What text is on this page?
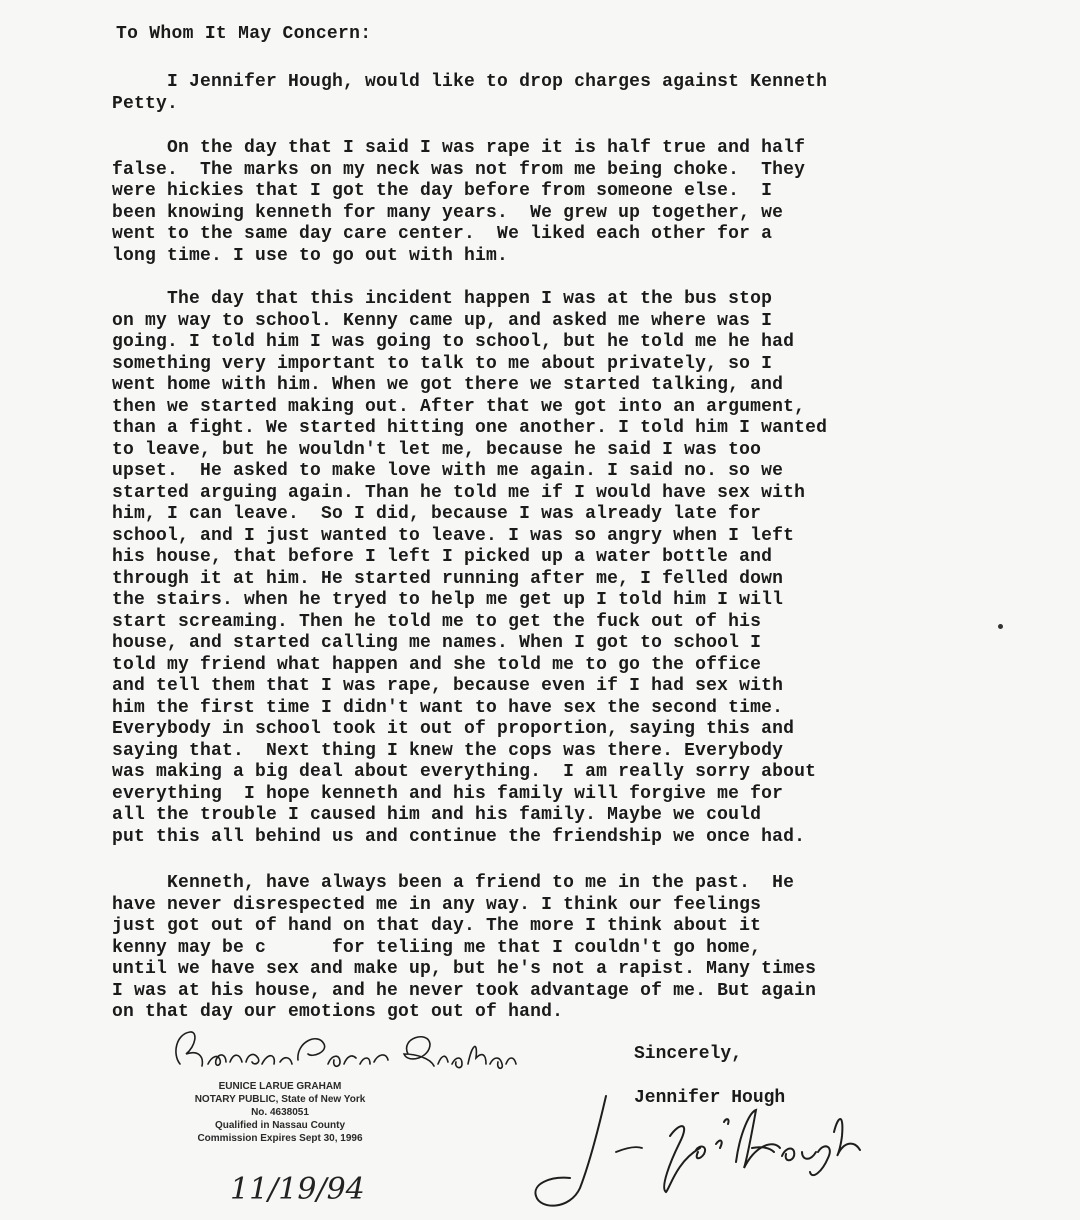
To Whom It May Concern:
I Jennifer Hough, would like to drop charges against Kenneth
Petty.
On the day that I said I was rape it is half true and half
false.  The marks on my neck was not from me being choke.  They
were hickies that I got the day before from someone else.  I
been knowing kenneth for many years.  We grew up together, we
went to the same day care center.  We liked each other for a
long time. I use to go out with him.
The day that this incident happen I was at the bus stop
on my way to school. Kenny came up, and asked me where was I
going. I told him I was going to school, but he told me he had
something very important to talk to me about privately, so I
went home with him. When we got there we started talking, and
then we started making out. After that we got into an argument,
than a fight. We started hitting one another. I told him I wanted
to leave, but he wouldn't let me, because he said I was too
upset.  He asked to make love with me again. I said no. so we
started arguing again. Than he told me if I would have sex with
him, I can leave.  So I did, because I was already late for
school, and I just wanted to leave. I was so angry when I left
his house, that before I left I picked up a water bottle and
through it at him. He started running after me, I felled down
the stairs. when he tryed to help me get up I told him I will
start screaming. Then he told me to get the fuck out of his
house, and started calling me names. When I got to school I
told my friend what happen and she told me to go the office
and tell them that I was rape, because even if I had sex with
him the first time I didn't want to have sex the second time.
Everybody in school took it out of proportion, saying this and
saying that.  Next thing I knew the cops was there. Everybody
was making a big deal about everything.  I am really sorry about
everything  I hope kenneth and his family will forgive me for
all the trouble I caused him and his family. Maybe we could
put this all behind us and continue the friendship we once had.
Kenneth, have always been a friend to me in the past.  He
have never disrespected me in any way. I think our feelings
just got out of hand on that day. The more I think about it
kenny may be c      for teliing me that I couldn't go home,
until we have sex and make up, but he's not a rapist. Many times
I was at his house, and he never took advantage of me. But again
on that day our emotions got out of hand.
Sincerely,
Jennifer Hough
EUNICE LARUE GRAHAM
NOTARY PUBLIC, State of New York
No. 4638051
Qualified in Nassau County
Commission Expires Sept 30, 1996
11/19/94
